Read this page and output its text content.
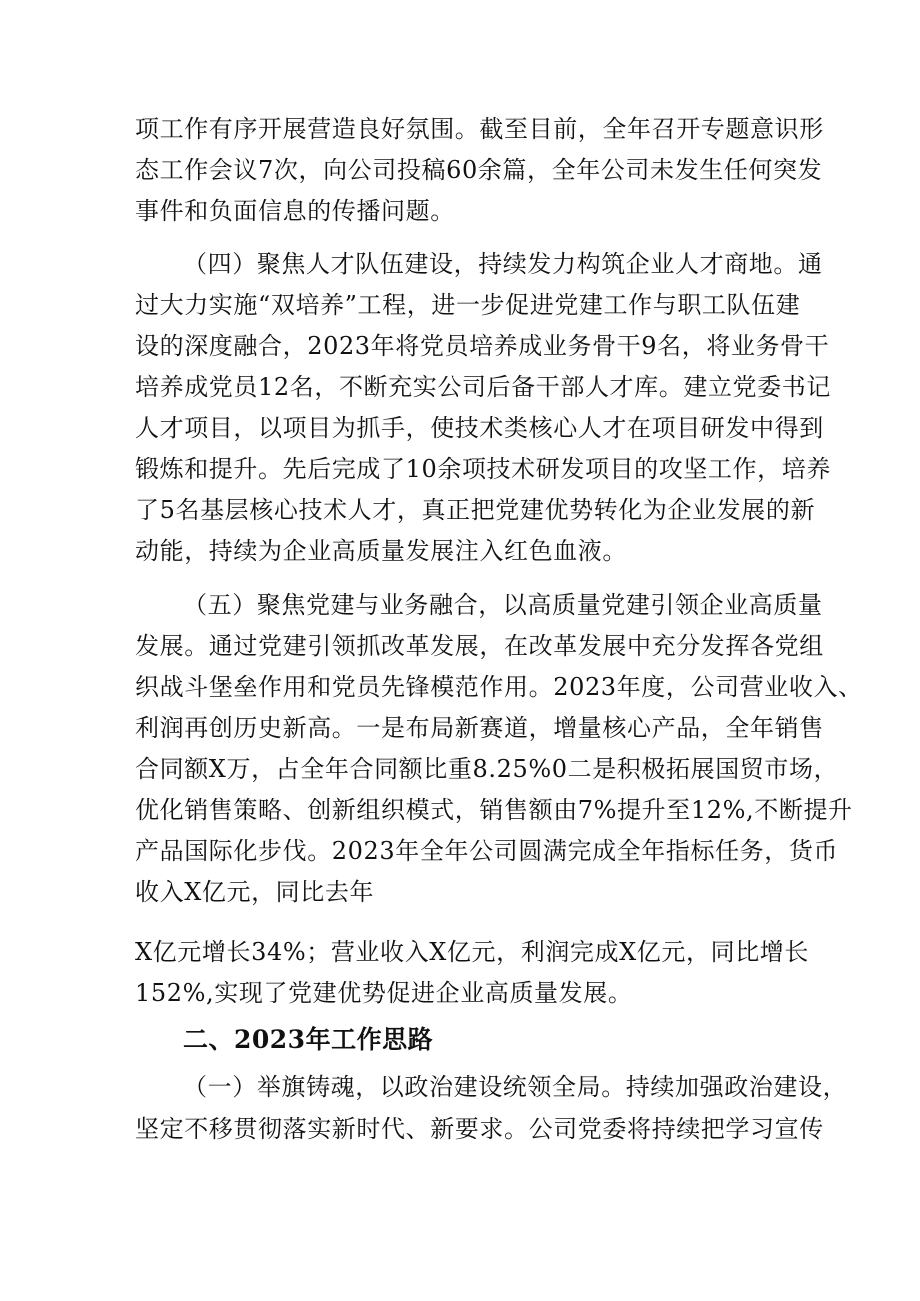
项工作有序开展营造良好氛围。截至目前，全年召开专题意识形

态工作会议7次，向公司投稿60余篇，全年公司未发生任何突发

事件和负面信息的传播问题。

（四）聚焦人才队伍建设，持续发力构筑企业人才商地。通

过大力实施“双培养”工程，进一步促进党建工作与职工队伍建

设的深度融合，2023年将党员培养成业务骨干9名，将业务骨干

培养成党员12名，不断充实公司后备干部人才库。建立党委书记

人才项目，以项目为抓手，使技术类核心人才在项目研发中得到

锻炼和提升。先后完成了10余项技术研发项目的攻坚工作，培养

了5名基层核心技术人才，真正把党建优势转化为企业发展的新

动能，持续为企业高质量发展注入红色血液。

（五）聚焦党建与业务融合，以高质量党建引领企业高质量

发展。通过党建引领抓改革发展，在改革发展中充分发挥各党组

织战斗堡垒作用和党员先锋模范作用。2023年度，公司营业收入、

利润再创历史新高。一是布局新赛道，增量核心产品，全年销售

合同额X万，占全年合同额比重8.25%0二是积极拓展国贸市场，

优化销售策略、创新组织模式，销售额由7%提升至12%,不断提升

产品国际化步伐。2023年全年公司圆满完成全年指标任务，货币

收入X亿元，同比去年

X亿元增长34%；营业收入X亿元，利润完成X亿元，同比增长

152%,实现了党建优势促进企业高质量发展。

二、2023年工作思路

（一）举旗铸魂，以政治建设统领全局。持续加强政治建设，

坚定不移贯彻落实新时代、新要求。公司党委将持续把学习宣传
